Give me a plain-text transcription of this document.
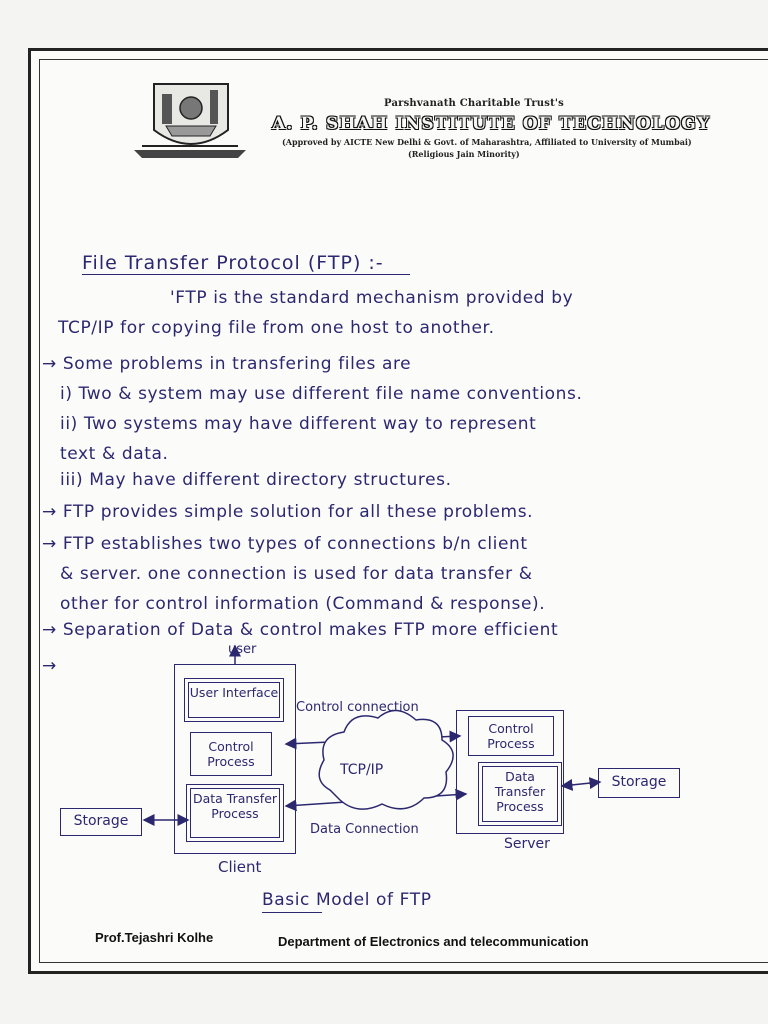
Parshvanath Charitable Trust's
A. P. SHAH INSTITUTE OF TECHNOLOGY
(Approved by AICTE New Delhi & Govt. of Maharashtra, Affiliated to University of Mumbai)
(Religious Jain Minority)
File Transfer Protocol (FTP) :-
'FTP is the standard mechanism provided by
TCP/IP for copying file from one host to another.
→ Some problems in transfering files are
i) Two & system may use different file name conventions.
ii) Two systems may have different way to represent
text & data.
iii) May have different directory structures.
→ FTP provides simple solution for all these problems.
→ FTP establishes two types of connections b/n client
& server. one connection is used for data transfer &
other for control information (Command & response).
→ Separation of Data & control makes FTP more efficient
→
user
User Interface
Control Process
Data Transfer Process
Client
Storage
Control connection
TCP/IP
Data Connection
Control Process
Data Transfer Process
Server
Storage
Basic Model of FTP
Prof.Tejashri Kolhe	Department of Electronics and telecommunication
